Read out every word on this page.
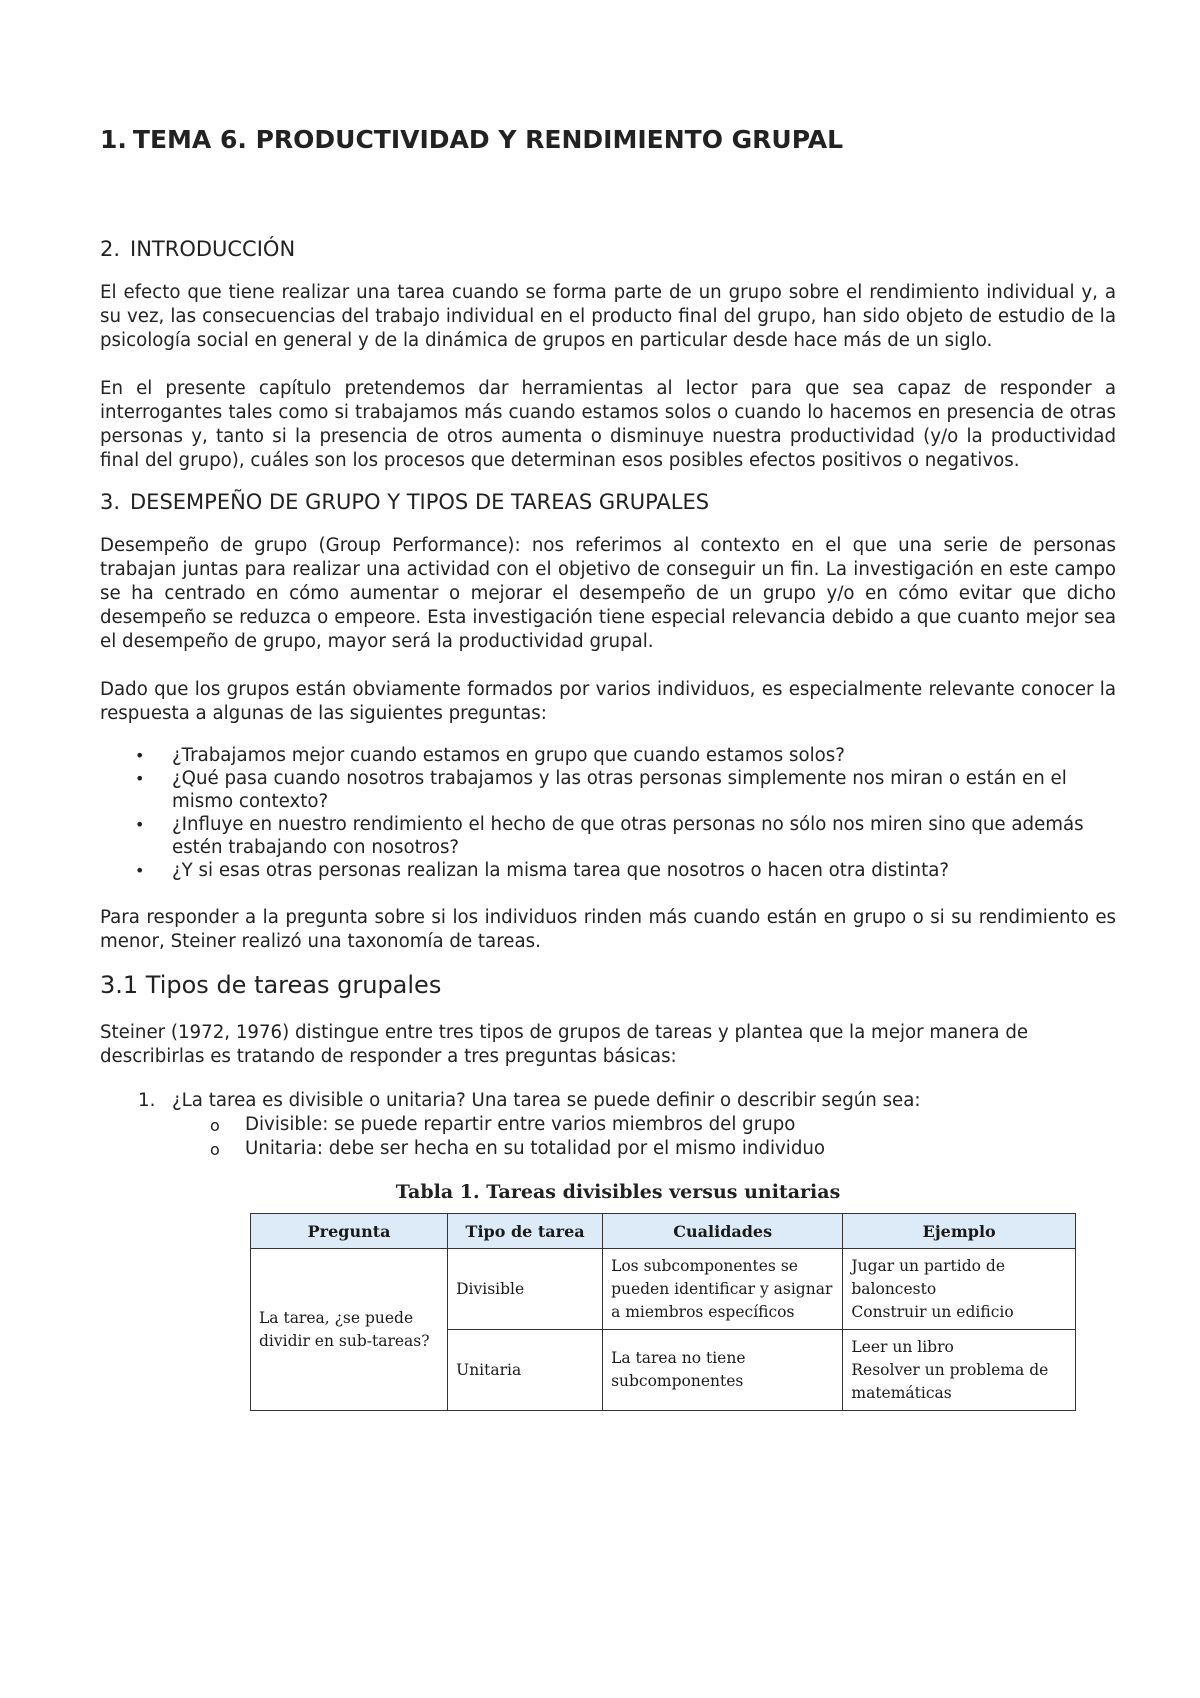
1. TEMA 6. PRODUCTIVIDAD Y RENDIMIENTO GRUPAL
2. INTRODUCCIÓN

El efecto que tiene realizar una tarea cuando se forma parte de un grupo sobre el rendimiento individual y, a su vez, las consecuencias del trabajo individual en el producto final del grupo, han sido objeto de estudio de la psicología social en general y de la dinámica de grupos en particular desde hace más de un siglo.

En el presente capítulo pretendemos dar herramientas al lector para que sea capaz de responder a interrogantes tales como si trabajamos más cuando estamos solos o cuando lo hacemos en presencia de otras personas y, tanto si la presencia de otros aumenta o disminuye nuestra productividad (y/o la productividad final del grupo), cuáles son los procesos que determinan esos posibles efectos positivos o negativos.

3. DESEMPEÑO DE GRUPO Y TIPOS DE TAREAS GRUPALES

Desempeño de grupo (Group Performance): nos referimos al contexto en el que una serie de personas trabajan juntas para realizar una actividad con el objetivo de conseguir un fin. La investigación en este campo se ha centrado en cómo aumentar o mejorar el desempeño de un grupo y/o en cómo evitar que dicho desempeño se reduzca o empeore. Esta investigación tiene especial relevancia debido a que cuanto mejor sea el desempeño de grupo, mayor será la productividad grupal.

Dado que los grupos están obviamente formados por varios individuos, es especialmente relevante conocer la respuesta a algunas de las siguientes preguntas:

• ¿Trabajamos mejor cuando estamos en grupo que cuando estamos solos?
• ¿Qué pasa cuando nosotros trabajamos y las otras personas simplemente nos miran o están en el mismo contexto?
• ¿Influye en nuestro rendimiento el hecho de que otras personas no sólo nos miren sino que además estén trabajando con nosotros?
• ¿Y si esas otras personas realizan la misma tarea que nosotros o hacen otra distinta?

Para responder a la pregunta sobre si los individuos rinden más cuando están en grupo o si su rendimiento es menor, Steiner realizó una taxonomía de tareas.

3.1 Tipos de tareas grupales

Steiner (1972, 1976) distingue entre tres tipos de grupos de tareas y plantea que la mejor manera de describirlas es tratando de responder a tres preguntas básicas:

1. ¿La tarea es divisible o unitaria? Una tarea se puede definir o describir según sea:
o Divisible: se puede repartir entre varios miembros del grupo
o Unitaria: debe ser hecha en su totalidad por el mismo individuo
Tabla 1. Tareas divisibles versus unitarias
Pregunta	Tipo de tarea	Cualidades	Ejemplo
La tarea, ¿se puede dividir en sub-tareas?	Divisible	Los subcomponentes se pueden identificar y asignar a miembros específicos	Jugar un partido de baloncesto
Construir un edificio
	Unitaria	La tarea no tiene subcomponentes	Leer un libro
Resolver un problema de matemáticas
